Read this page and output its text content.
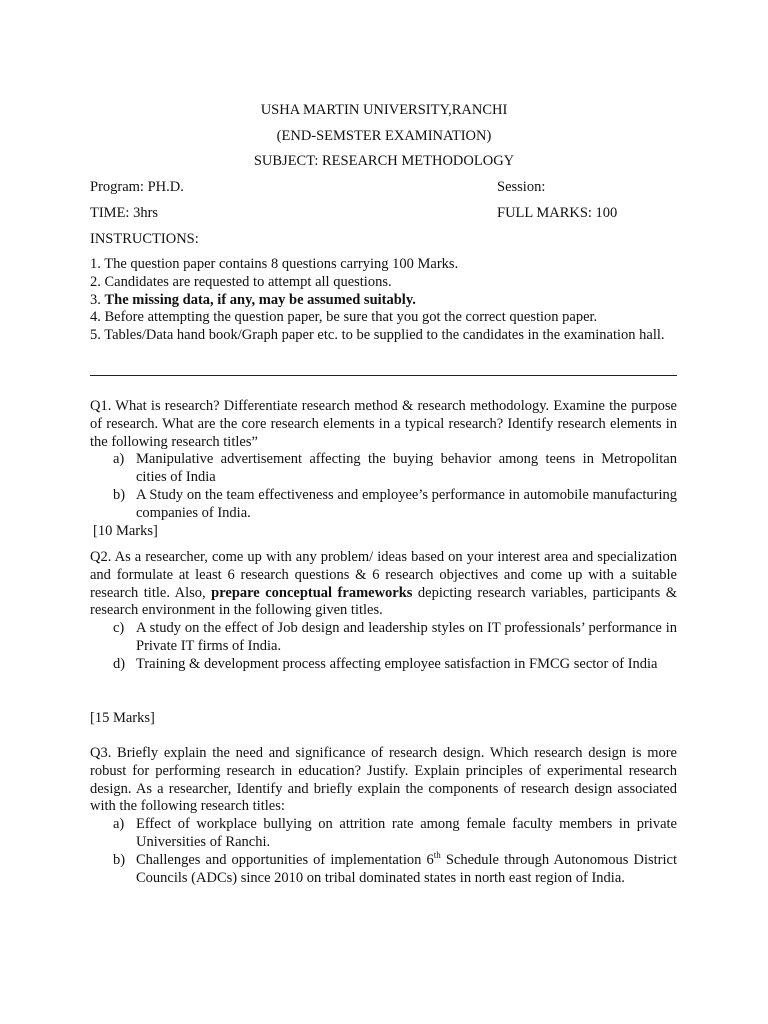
USHA MARTIN UNIVERSITY,RANCHI
(END-SEMSTER EXAMINATION)
SUBJECT: RESEARCH METHODOLOGY
Program: PH.D.	Session:
TIME: 3hrs	FULL MARKS: 100
INSTRUCTIONS:

1. The question paper contains 8 questions carrying 100 Marks.

2. Candidates are requested to attempt all questions.

3. The missing data, if any, may be assumed suitably.

4. Before attempting the question paper, be sure that you got the correct question paper.

5. Tables/Data hand book/Graph paper etc. to be supplied to the candidates in the examination hall.

Q1. What is research? Differentiate research method & research methodology. Examine the purpose of research. What are the core research elements in a typical research? Identify research elements in the following research titles”

a) Manipulative advertisement affecting the buying behavior among teens in Metropolitan cities of India
b) A Study on the team effectiveness and employee’s performance in automobile manufacturing companies of India.
[10 Marks]

Q2. As a researcher, come up with any problem/ ideas based on your interest area and specialization and formulate at least 6 research questions & 6 research objectives and come up with a suitable research title. Also, prepare conceptual frameworks depicting research variables, participants & research environment in the following given titles.

c) A study on the effect of Job design and leadership styles on IT professionals’ performance in Private IT firms of India.
d) Training & development process affecting employee satisfaction in FMCG sector of India
[15 Marks]

Q3. Briefly explain the need and significance of research design. Which research design is more robust for performing research in education? Justify. Explain principles of experimental research design. As a researcher, Identify and briefly explain the components of research design associated with the following research titles:

a) Effect of workplace bullying on attrition rate among female faculty members in private Universities of Ranchi.
b) Challenges and opportunities of implementation 6th Schedule through Autonomous District Councils (ADCs) since 2010 on tribal dominated states in north east region of India.
